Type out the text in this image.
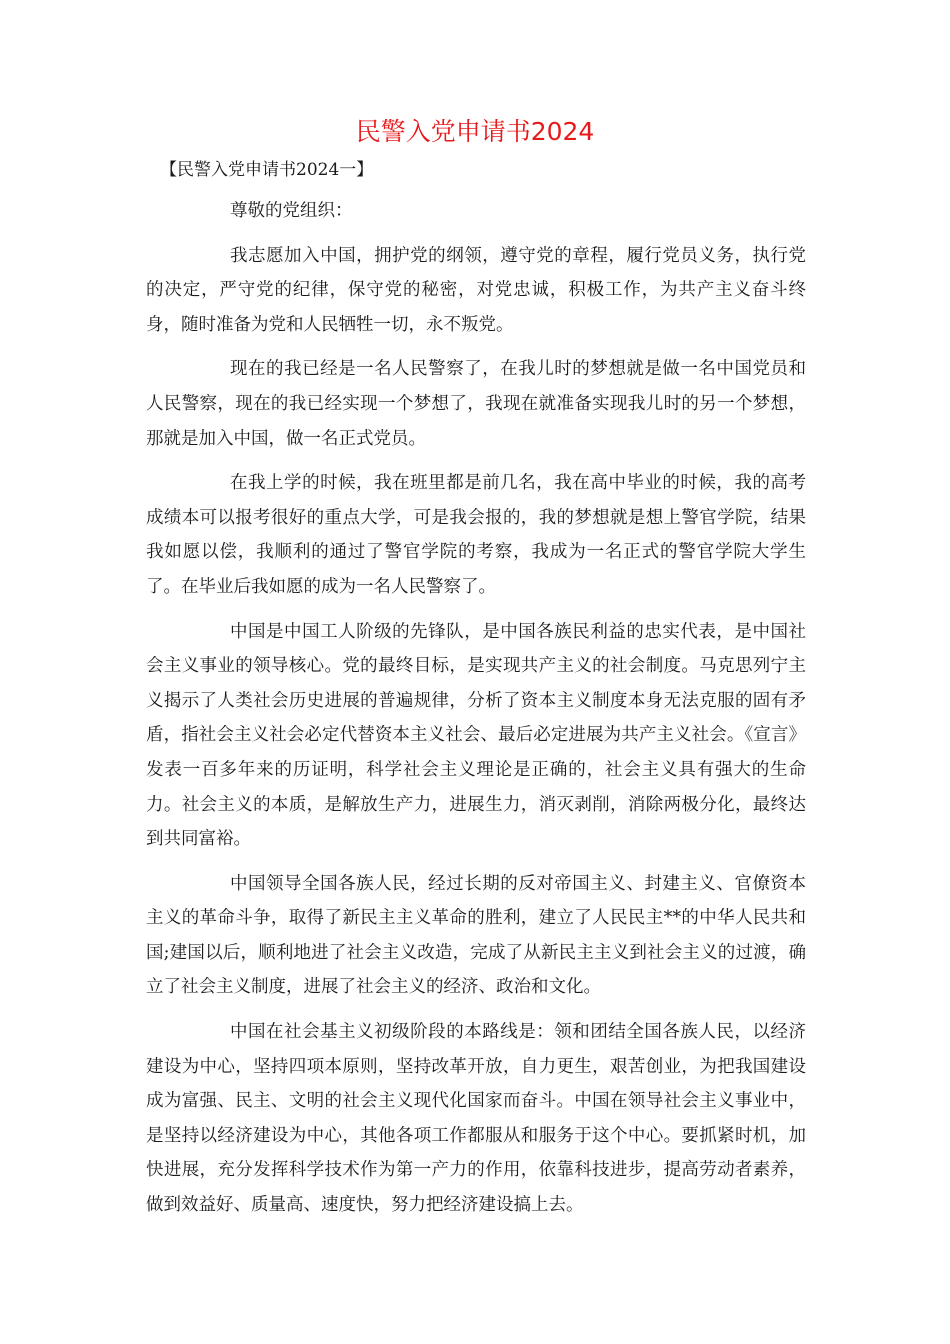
民警入党申请书2024
【民警入党申请书2024一】

尊敬的党组织：

我志愿加入中国，拥护党的纲领，遵守党的章程，履行党员义务，执行党的决定，严守党的纪律，保守党的秘密，对党忠诚，积极工作，为共产主义奋斗终身，随时准备为党和人民牺牲一切，永不叛党。

现在的我已经是一名人民警察了，在我儿时的梦想就是做一名中国党员和人民警察，现在的我已经实现一个梦想了，我现在就准备实现我儿时的另一个梦想，那就是加入中国，做一名正式党员。

在我上学的时候，我在班里都是前几名，我在高中毕业的时候，我的高考成绩本可以报考很好的重点大学，可是我会报的，我的梦想就是想上警官学院，结果我如愿以偿，我顺利的通过了警官学院的考察，我成为一名正式的警官学院大学生了。在毕业后我如愿的成为一名人民警察了。

中国是中国工人阶级的先锋队，是中国各族民利益的忠实代表，是中国社会主义事业的领导核心。党的最终目标，是实现共产主义的社会制度。马克思列宁主义揭示了人类社会历史进展的普遍规律，分析了资本主义制度本身无法克服的固有矛盾，指社会主义社会必定代替资本主义社会、最后必定进展为共产主义社会。《宣言》发表一百多年来的历证明，科学社会主义理论是正确的，社会主义具有强大的生命力。社会主义的本质，是解放生产力，进展生力，消灭剥削，消除两极分化，最终达到共同富裕。

中国领导全国各族人民，经过长期的反对帝国主义、封建主义、官僚资本主义的革命斗争，取得了新民主主义革命的胜利，建立了人民民主**的中华人民共和国;建国以后，顺利地进了社会主义改造，完成了从新民主主义到社会主义的过渡，确立了社会主义制度，进展了社会主义的经济、政治和文化。

中国在社会基主义初级阶段的本路线是：领和团结全国各族人民，以经济建设为中心，坚持四项本原则，坚持改革开放，自力更生，艰苦创业，为把我国建设成为富强、民主、文明的社会主义现代化国家而奋斗。中国在领导社会主义事业中，是坚持以经济建设为中心，其他各项工作都服从和服务于这个中心。要抓紧时机，加快进展，充分发挥科学技术作为第一产力的作用，依靠科技进步，提高劳动者素养，做到效益好、质量高、速度快，努力把经济建设搞上去。
